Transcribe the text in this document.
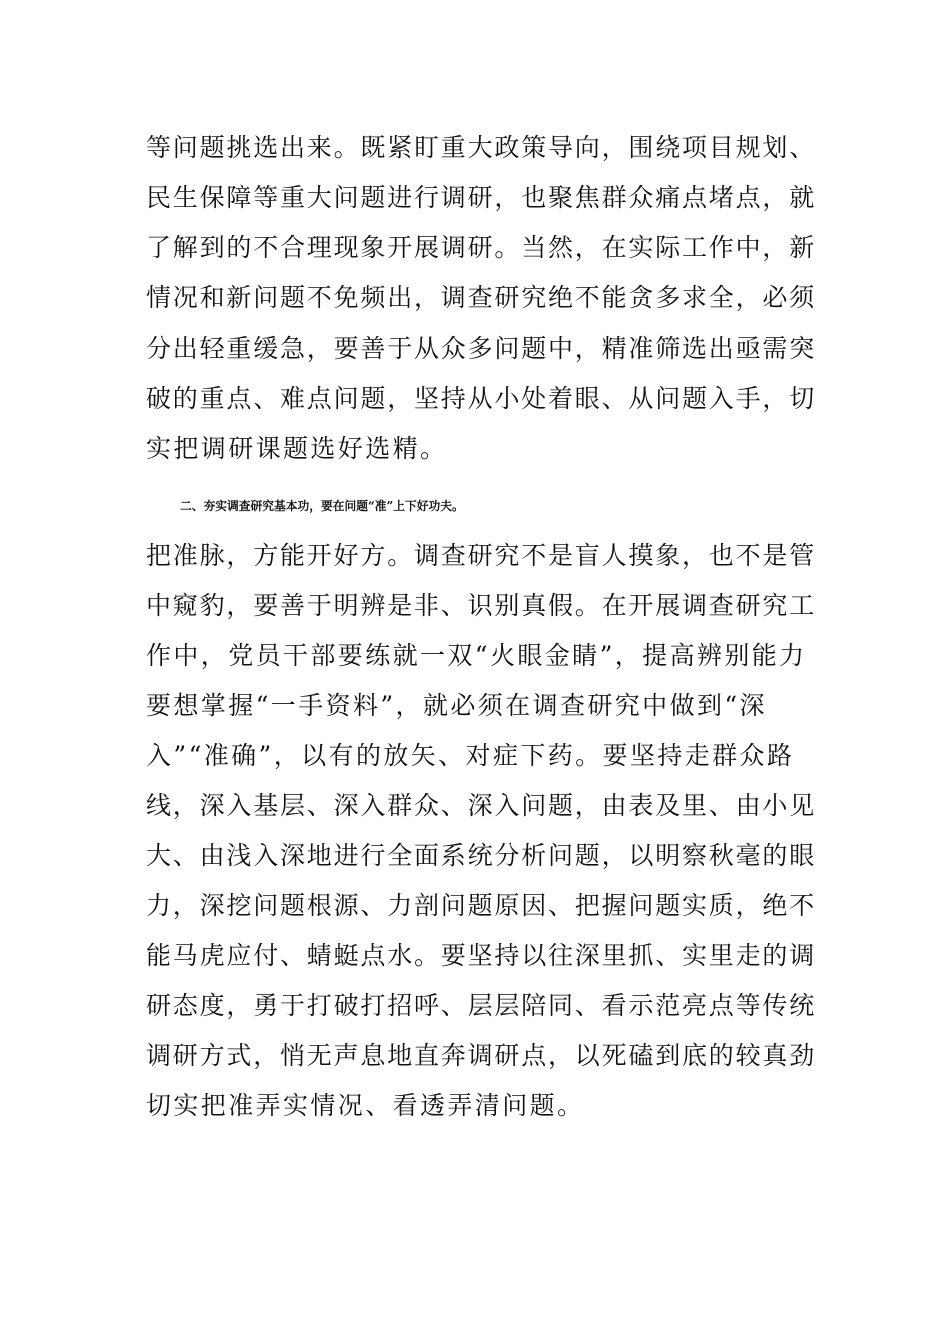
等问题挑选出来。既紧盯重大政策导向，围绕项目规划、
民生保障等重大问题进行调研，也聚焦群众痛点堵点，就
了解到的不合理现象开展调研。当然，在实际工作中，新
情况和新问题不免频出，调查研究绝不能贪多求全，必须
分出轻重缓急，要善于从众多问题中，精准筛选出亟需突
破的重点、难点问题，坚持从小处着眼、从问题入手，切
实把调研课题选好选精。
二、夯实调查研究基本功，要在问题“准”上下好功夫。
把准脉，方能开好方。调查研究不是盲人摸象，也不是管
中窥豹，要善于明辨是非、识别真假。在开展调查研究工
作中，党员干部要练就一双“火眼金睛”，提高辨别能力
要想掌握“一手资料”，就必须在调查研究中做到“深
入”“准确”，以有的放矢、对症下药。要坚持走群众路
线，深入基层、深入群众、深入问题，由表及里、由小见
大、由浅入深地进行全面系统分析问题，以明察秋毫的眼
力，深挖问题根源、力剖问题原因、把握问题实质，绝不
能马虎应付、蜻蜓点水。要坚持以往深里抓、实里走的调
研态度，勇于打破打招呼、层层陪同、看示范亮点等传统
调研方式，悄无声息地直奔调研点，以死磕到底的较真劲
切实把准弄实情况、看透弄清问题。
